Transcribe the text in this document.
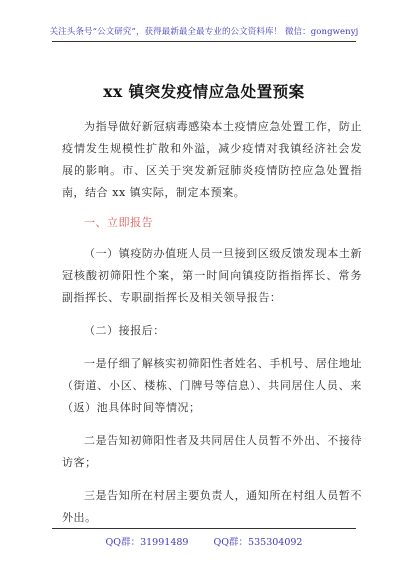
关注头条号“公文研究”，获得最新最全最专业的公文资料库！ 微信：gongwenyj
xx 镇突发疫情应急处置预案

为指导做好新冠病毒感染本土疫情应急处置工作，防止疫情发生规模性扩散和外溢，减少疫情对我镇经济社会发展的影响。市、区关于突发新冠肺炎疫情防控应急处置指南，结合 xx 镇实际，制定本预案。

一、立即报告

（一）镇疫防办值班人员一旦接到区级反馈发现本土新冠核酸初筛阳性个案，第一时间向镇疫防指指挥长、常务副指挥长、专职副指挥长及相关领导报告：

（二）接报后：

一是仔细了解核实初筛阳性者姓名、手机号、居住地址（街道、小区、楼栋、门牌号等信息）、共同居住人员、来（返）池具体时间等情况；

二是告知初筛阳性者及共同居住人员暂不外出、不接待访客；

三是告知所在村居主要负责人，通知所在村组人员暂不外出。

QQ群：31991489	QQ群：535304092
